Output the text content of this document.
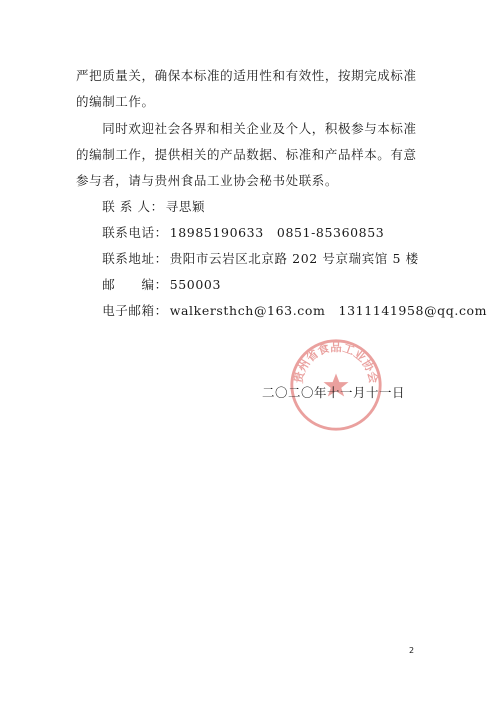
严把质量关，确保本标准的适用性和有效性，按期完成标准
的编制工作。
　　同时欢迎社会各界和相关企业及个人，积极参与本标准
的编制工作，提供相关的产品数据、标准和产品样本。有意
参与者，请与贵州食品工业协会秘书处联系。
　　联 系 人： 寻思颖
　　联系电话： 18985190633　0851-85360853
　　联系地址： 贵阳市云岩区北京路 202 号京瑞宾馆 5 楼
　　邮　　编： 550003
　　电子邮箱： walkersthch@163.com　1311141958@qq.com
贵州省食品工业协会
二〇二〇年十一月十一日
2
